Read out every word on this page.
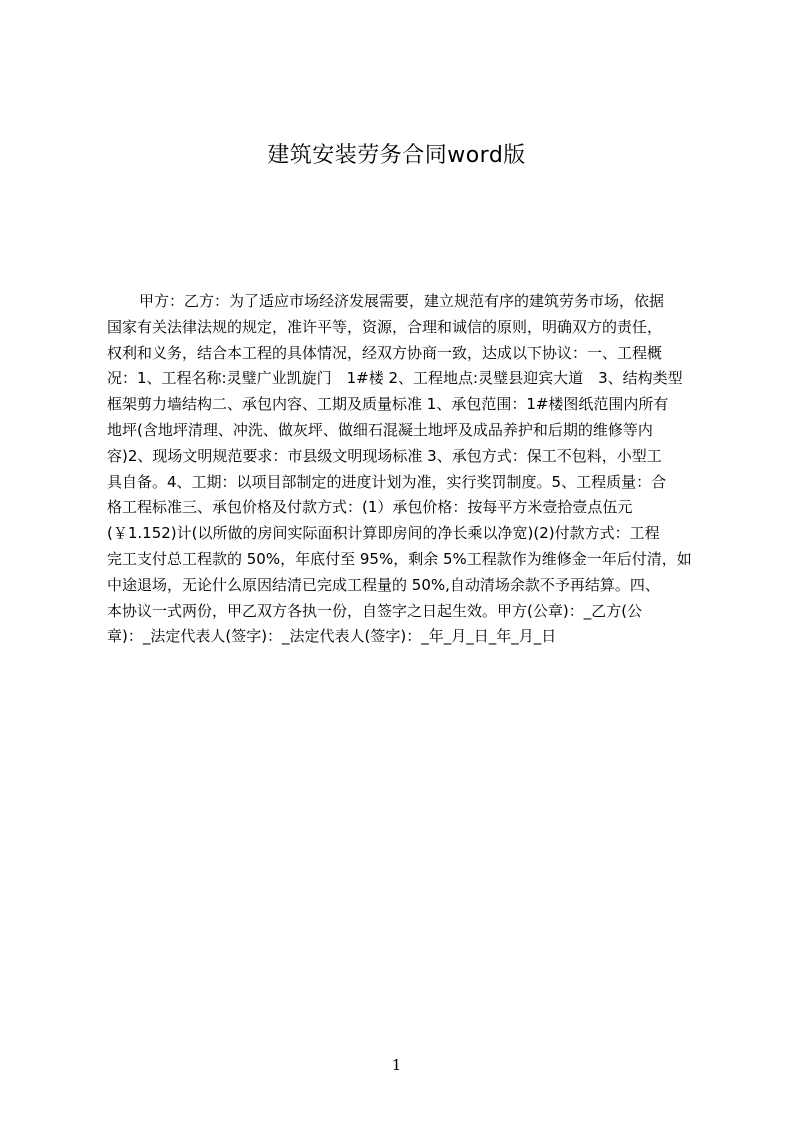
建筑安装劳务合同word版
甲方：乙方：为了适应市场经济发展需要，建立规范有序的建筑劳务市场，依据
国家有关法律法规的规定，准许平等，资源，合理和诚信的原则，明确双方的责任，
权利和义务，结合本工程的具体情况，经双方协商一致，达成以下协议：一、工程概
况：1、工程名称:灵璧广业凯旋门　1#楼 2、工程地点:灵璧县迎宾大道　3、结构类型
框架剪力墙结构二、承包内容、工期及质量标准 1、承包范围：1#楼图纸范围内所有
地坪(含地坪清理、冲洗、做灰坪、做细石混凝土地坪及成品养护和后期的维修等内
容)2、现场文明规范要求：市县级文明现场标准 3、承包方式：保工不包料，小型工
具自备。4、工期：以项目部制定的进度计划为准，实行奖罚制度。5、工程质量：合
格工程标准三、承包价格及付款方式：(1）承包价格：按每平方米壹拾壹点伍元
(￥1.152)计(以所做的房间实际面积计算即房间的净长乘以净宽)(2)付款方式：工程
完工支付总工程款的 50%，年底付至 95%，剩余 5%工程款作为维修金一年后付清，如
中途退场，无论什么原因结清已完成工程量的 50%,自动清场余款不予再结算。四、
本协议一式两份，甲乙双方各执一份，自签字之日起生效。甲方(公章)：_乙方(公
章)：_法定代表人(签字)：_法定代表人(签字)：_年_月_日_年_月_日
1
